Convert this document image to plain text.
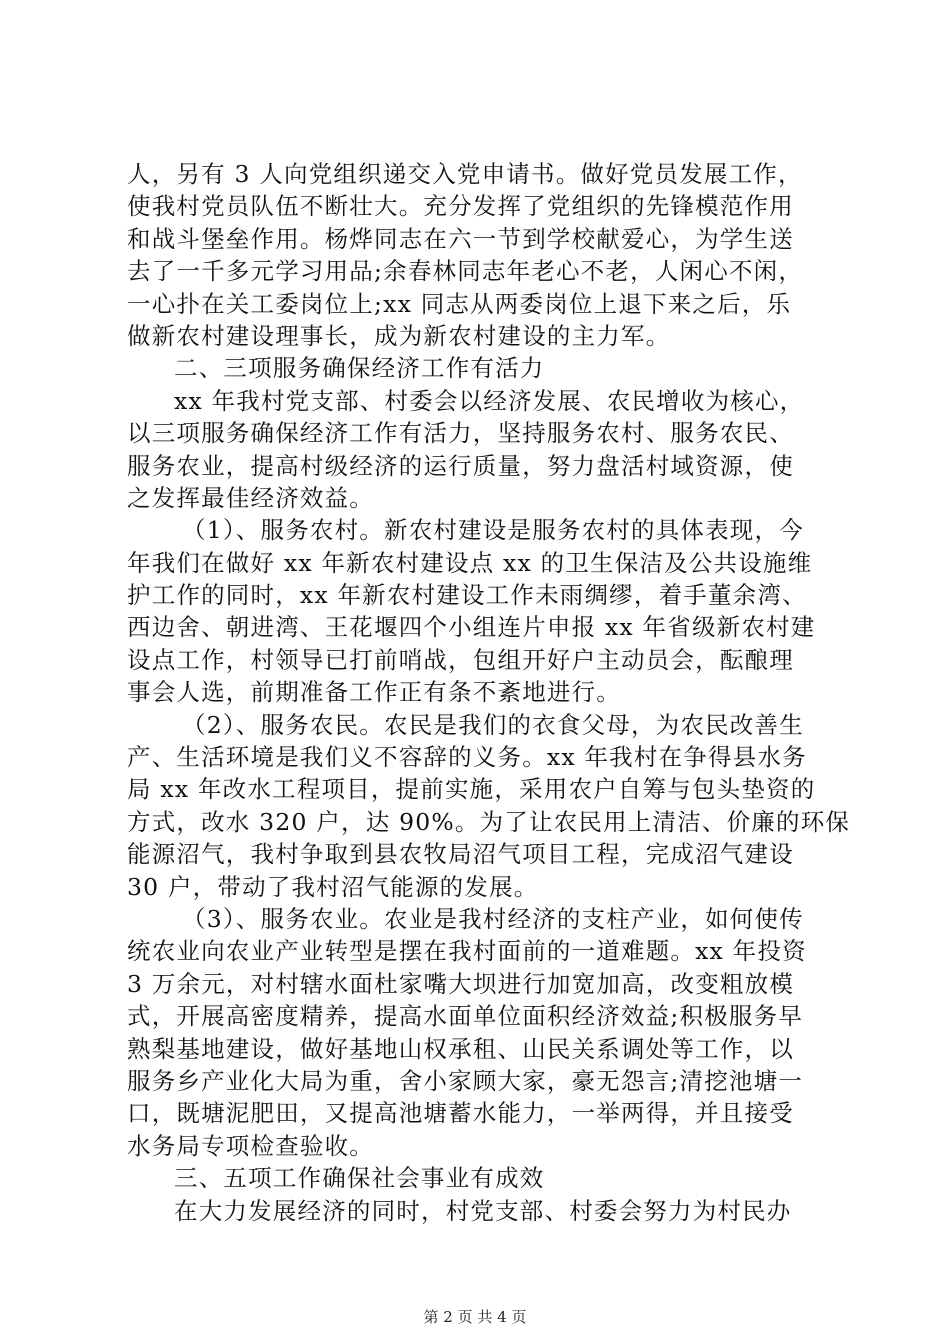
人，另有 3 人向党组织递交入党申请书。做好党员发展工作，
使我村党员队伍不断壮大。充分发挥了党组织的先锋模范作用
和战斗堡垒作用。杨烨同志在六一节到学校献爱心，为学生送
去了一千多元学习用品;余春林同志年老心不老，人闲心不闲，
一心扑在关工委岗位上;xx 同志从两委岗位上退下来之后，乐
做新农村建设理事长，成为新农村建设的主力军。
二、三项服务确保经济工作有活力
xx 年我村党支部、村委会以经济发展、农民增收为核心，
以三项服务确保经济工作有活力，坚持服务农村、服务农民、
服务农业，提高村级经济的运行质量，努力盘活村域资源，使
之发挥最佳经济效益。
（1）、服务农村。新农村建设是服务农村的具体表现，今
年我们在做好 xx 年新农村建设点 xx 的卫生保洁及公共设施维
护工作的同时，xx 年新农村建设工作未雨绸缪，着手董余湾、
西边舍、朝进湾、王花堰四个小组连片申报 xx 年省级新农村建
设点工作，村领导已打前哨战，包组开好户主动员会，酝酿理
事会人选，前期准备工作正有条不紊地进行。
（2）、服务农民。农民是我们的衣食父母，为农民改善生
产、生活环境是我们义不容辞的义务。xx 年我村在争得县水务
局 xx 年改水工程项目，提前实施，采用农户自筹与包头垫资的
方式，改水 320 户，达 90%。为了让农民用上清洁、价廉的环保
能源沼气，我村争取到县农牧局沼气项目工程，完成沼气建设
30 户，带动了我村沼气能源的发展。
（3）、服务农业。农业是我村经济的支柱产业，如何使传
统农业向农业产业转型是摆在我村面前的一道难题。xx 年投资
3 万余元，对村辖水面杜家嘴大坝进行加宽加高，改变粗放模
式，开展高密度精养，提高水面单位面积经济效益;积极服务早
熟梨基地建设，做好基地山权承租、山民关系调处等工作，以
服务乡产业化大局为重，舍小家顾大家，豪无怨言;清挖池塘一
口，既塘泥肥田，又提高池塘蓄水能力，一举两得，并且接受
水务局专项检查验收。
三、五项工作确保社会事业有成效
在大力发展经济的同时，村党支部、村委会努力为村民办
第 2 页 共 4 页
